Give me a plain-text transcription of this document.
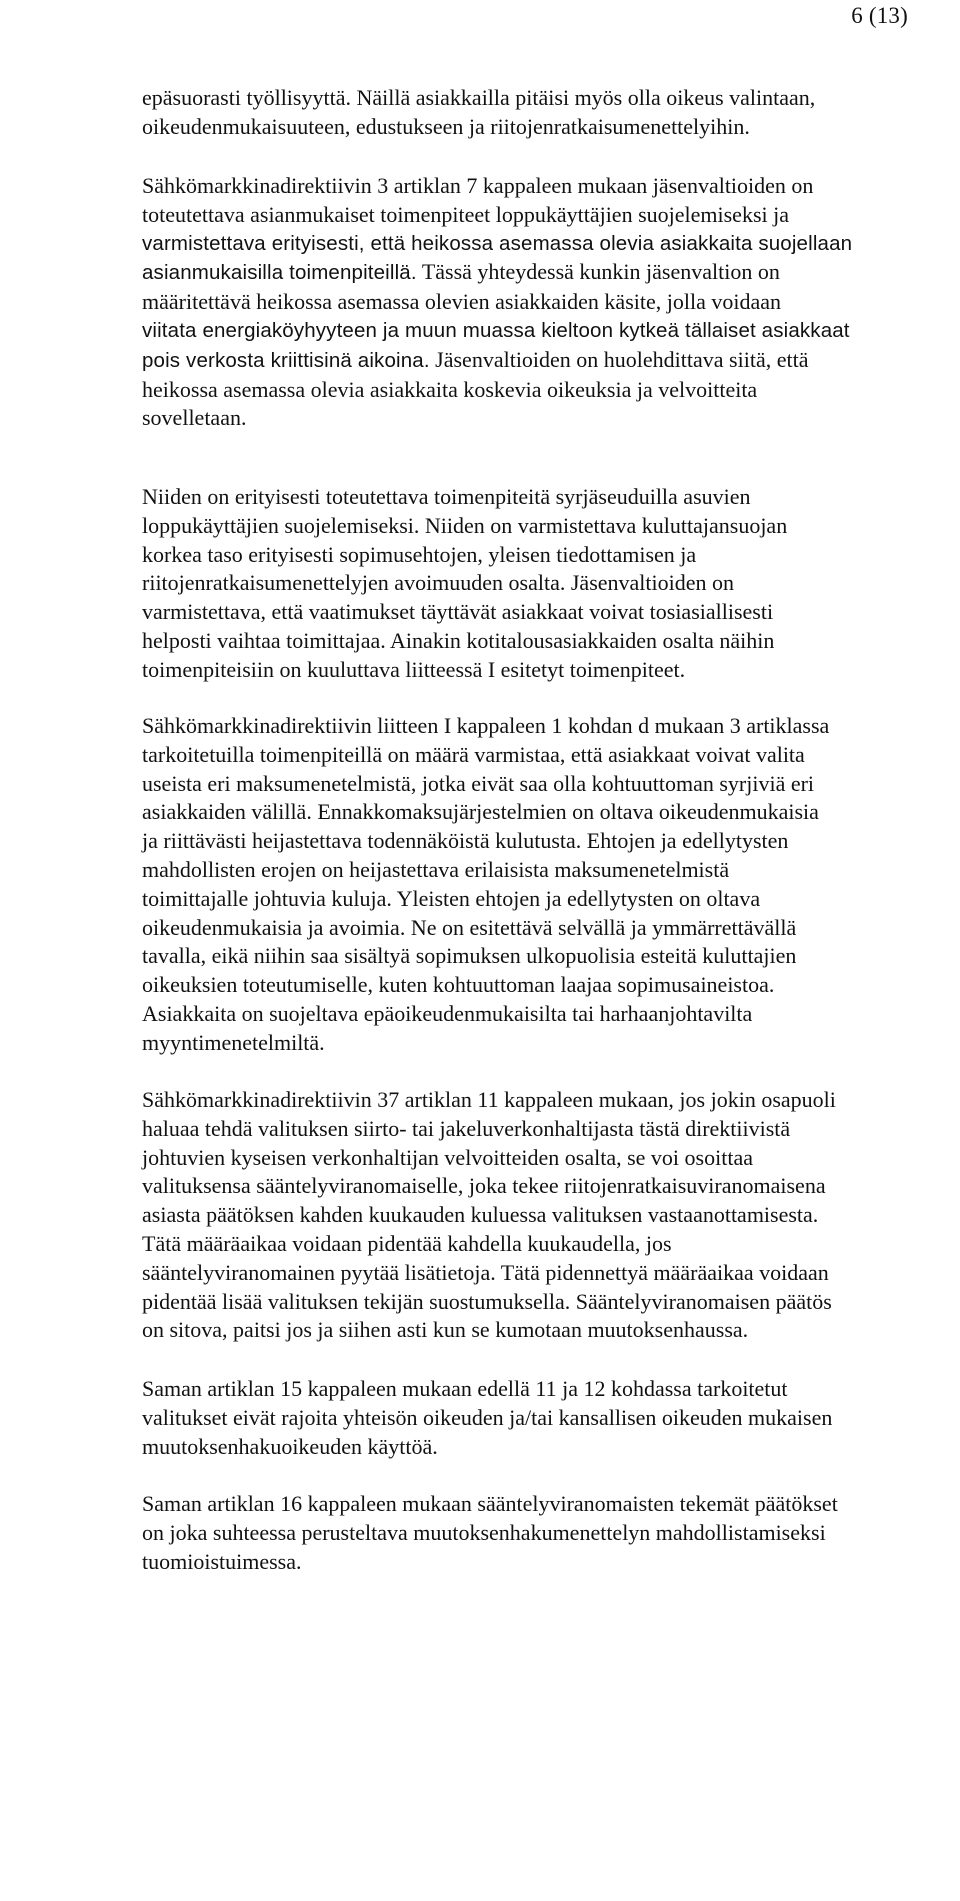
6 (13)

epäsuorasti työllisyyttä. Näillä asiakkailla pitäisi myös olla oikeus valintaan,
oikeudenmukaisuuteen, edustukseen ja riitojenratkaisumenettelyihin.

Sähkömarkkinadirektiivin 3 artiklan 7 kappaleen mukaan jäsenvaltioiden on
toteutettava asianmukaiset toimenpiteet loppukäyttäjien suojelemiseksi ja
varmistettava erityisesti, että heikossa asemassa olevia asiakkaita suojellaan
asianmukaisilla toimenpiteillä. Tässä yhteydessä kunkin jäsenvaltion on
määritettävä heikossa asemassa olevien asiakkaiden käsite, jolla voidaan
viitata energiaköyhyyteen ja muun muassa kieltoon kytkeä tällaiset asiakkaat
pois verkosta kriittisinä aikoina. Jäsenvaltioiden on huolehdittava siitä, että
heikossa asemassa olevia asiakkaita koskevia oikeuksia ja velvoitteita
sovelletaan.

Niiden on erityisesti toteutettava toimenpiteitä syrjäseuduilla asuvien
loppukäyttäjien suojelemiseksi. Niiden on varmistettava kuluttajansuojan
korkea taso erityisesti sopimusehtojen, yleisen tiedottamisen ja
riitojenratkaisumenettelyjen avoimuuden osalta. Jäsenvaltioiden on
varmistettava, että vaatimukset täyttävät asiakkaat voivat tosiasiallisesti
helposti vaihtaa toimittajaa. Ainakin kotitalousasiakkaiden osalta näihin
toimenpiteisiin on kuuluttava liitteessä I esitetyt toimenpiteet.

Sähkömarkkinadirektiivin liitteen I kappaleen 1 kohdan d mukaan 3 artiklassa
tarkoitetuilla toimenpiteillä on määrä varmistaa, että asiakkaat voivat valita
useista eri maksumenetelmistä, jotka eivät saa olla kohtuuttoman syrjiviä eri
asiakkaiden välillä. Ennakkomaksujärjestelmien on oltava oikeudenmukaisia
ja riittävästi heijastettava todennäköistä kulutusta. Ehtojen ja edellytysten
mahdollisten erojen on heijastettava erilaisista maksumenetelmistä
toimittajalle johtuvia kuluja. Yleisten ehtojen ja edellytysten on oltava
oikeudenmukaisia ja avoimia. Ne on esitettävä selvällä ja ymmärrettävällä
tavalla, eikä niihin saa sisältyä sopimuksen ulkopuolisia esteitä kuluttajien
oikeuksien toteutumiselle, kuten kohtuuttoman laajaa sopimusaineistoa.
Asiakkaita on suojeltava epäoikeudenmukaisilta tai harhaanjohtavilta
myyntimenetelmiltä.

Sähkömarkkinadirektiivin 37 artiklan 11 kappaleen mukaan, jos jokin osapuoli
haluaa tehdä valituksen siirto- tai jakeluverkonhaltijasta tästä direktiivistä
johtuvien kyseisen verkonhaltijan velvoitteiden osalta, se voi osoittaa
valituksensa sääntelyviranomaiselle, joka tekee riitojenratkaisuviranomaisena
asiasta päätöksen kahden kuukauden kuluessa valituksen vastaanottamisesta.
Tätä määräaikaa voidaan pidentää kahdella kuukaudella, jos
sääntelyviranomainen pyytää lisätietoja. Tätä pidennettyä määräaikaa voidaan
pidentää lisää valituksen tekijän suostumuksella. Sääntelyviranomaisen päätös
on sitova, paitsi jos ja siihen asti kun se kumotaan muutoksenhaussa.

Saman artiklan 15 kappaleen mukaan edellä 11 ja 12 kohdassa tarkoitetut
valitukset eivät rajoita yhteisön oikeuden ja/tai kansallisen oikeuden mukaisen
muutoksenhakuoikeuden käyttöä.

Saman artiklan 16 kappaleen mukaan sääntelyviranomaisten tekemät päätökset
on joka suhteessa perusteltava muutoksenhakumenettelyn mahdollistamiseksi
tuomioistuimessa.
